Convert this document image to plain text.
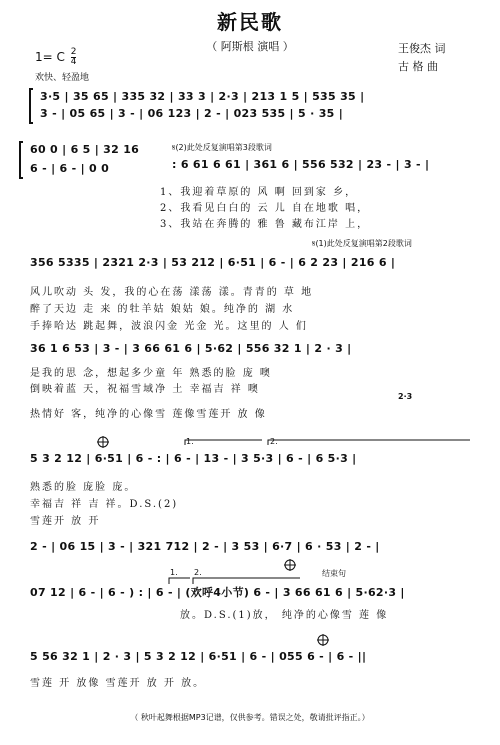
新民歌
（ 阿斯根 演唱 ）	王俊杰 词
古 格 曲
1= C $\frac{2}{4}$
欢快、轻盈地
3·5 | 35 65 | 335 32 | 33 3 | 2·3 | 213 1 5 | 535 35 |
3 - | 05 65 | 3 - | 06 123 | 2 - | 023 535 | 5 · 35 |
60 0 | 6 5 | 32 16
6 - | 6 - | 0 0
𝄋(2)此处反复演唱第3段歌词
: 6 61 6 61 | 361 6 | 556 532 | 23 - | 3 - |
1、我迎着草原的 风 啊 回到家 乡，
2、我看见白白的 云 儿 自在地歌 唱，
3、我站在奔腾的 雅 鲁 藏布江岸 上，
𝄋(1)此处反复演唱第2段歌词
356 5335 | 2321 2·3 | 53 212 | 6·51 | 6 - | 6 2 23 | 216 6 |
风儿吹动 头 发，我的心在荡 漾荡 漾。青青的 草 地
醉了天边 走 来 的牡羊姑 娘姑 娘。纯净的 湖 水
手捧哈达 跳起舞，波浪闪金 光金 光。这里的 人 们
36 1 6 53 | 3 - | 3 66 61 6 | 5·62 | 556 32 1 | 2 · 3 |
是我的思 念，想起多少童 年 熟悉的脸 庞 噢
倒映着蓝 天，祝福雪域净 土 幸福吉 祥 噢
热情好 客，纯净的心像雪 莲像雪莲开 放 像
5 3 2 12 | 6·51 | 6 - : | 6 - | 13 - | 3 5·3 | 6 - | 6 5·3 |
1.	2.
2·3
熟悉的脸 庞脸 庞。
幸福吉 祥 吉 祥。D.S.(2)
雪莲开 放 开
2 - | 06 15 | 3 - | 321 712 | 2 - | 3 53 | 6·7 | 6 · 53 | 2 - |
1. 2.	结束句
07 12 | 6 - | 6 - ) : | 6 - | (欢呼4小节) 6 - | 3 66 61 6 | 5·62·3 |
放。D.S.(1)放， 纯净的心像雪 莲 像
5 56 32 1 | 2 · 3 | 5 3 2 12 | 6·51 | 6 - | 055 6 - | 6 - ||
雪莲 开 放像 雪莲开 放 开 放。
（ 秋叶起舞根据MP3记谱，仅供参考。错误之处，敬请批评指正。）
